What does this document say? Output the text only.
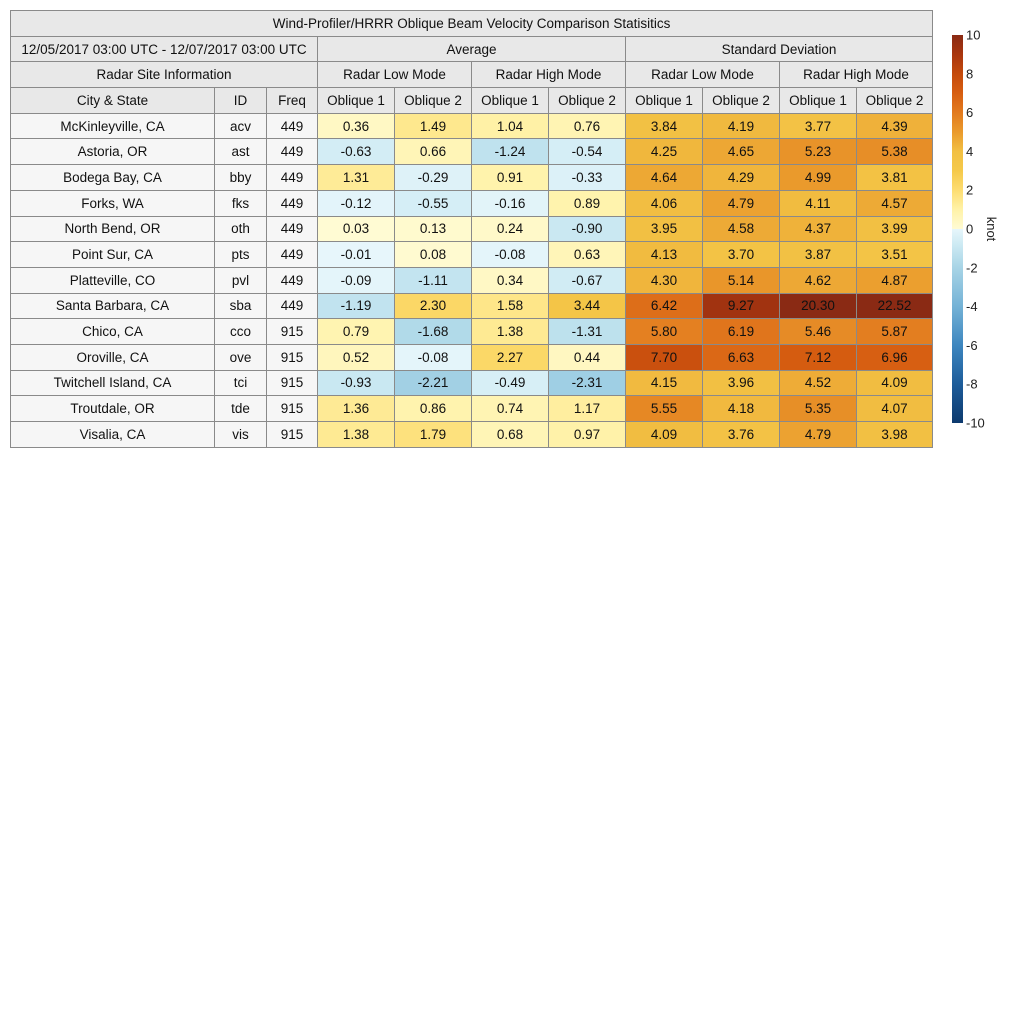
Wind-Profiler/HRRR Oblique Beam Velocity Comparison Statisitics										
12/05/2017 03:00 UTC - 12/07/2017 03:00 UTC			Average				Standard Deviation			
Radar Site Information			Radar Low Mode		Radar High Mode		Radar Low Mode		Radar High Mode	
City & State	ID	Freq	Oblique 1	Oblique 2	Oblique 1	Oblique 2	Oblique 1	Oblique 2	Oblique 1	Oblique 2
McKinleyville, CA	acv	449	0.36	1.49	1.04	0.76	3.84	4.19	3.77	4.39
Astoria, OR	ast	449	-0.63	0.66	-1.24	-0.54	4.25	4.65	5.23	5.38
Bodega Bay, CA	bby	449	1.31	-0.29	0.91	-0.33	4.64	4.29	4.99	3.81
Forks, WA	fks	449	-0.12	-0.55	-0.16	0.89	4.06	4.79	4.11	4.57
North Bend, OR	oth	449	0.03	0.13	0.24	-0.90	3.95	4.58	4.37	3.99
Point Sur, CA	pts	449	-0.01	0.08	-0.08	0.63	4.13	3.70	3.87	3.51
Platteville, CO	pvl	449	-0.09	-1.11	0.34	-0.67	4.30	5.14	4.62	4.87
Santa Barbara, CA	sba	449	-1.19	2.30	1.58	3.44	6.42	9.27	20.30	22.52
Chico, CA	cco	915	0.79	-1.68	1.38	-1.31	5.80	6.19	5.46	5.87
Oroville, CA	ove	915	0.52	-0.08	2.27	0.44	7.70	6.63	7.12	6.96
Twitchell Island, CA	tci	915	-0.93	-2.21	-0.49	-2.31	4.15	3.96	4.52	4.09
Troutdale, OR	tde	915	1.36	0.86	0.74	1.17	5.55	4.18	5.35	4.07
Visalia, CA	vis	915	1.38	1.79	0.68	0.97	4.09	3.76	4.79	3.98
10
8
6
4
2
0
-2
-4
-6
-8
-10
knot
